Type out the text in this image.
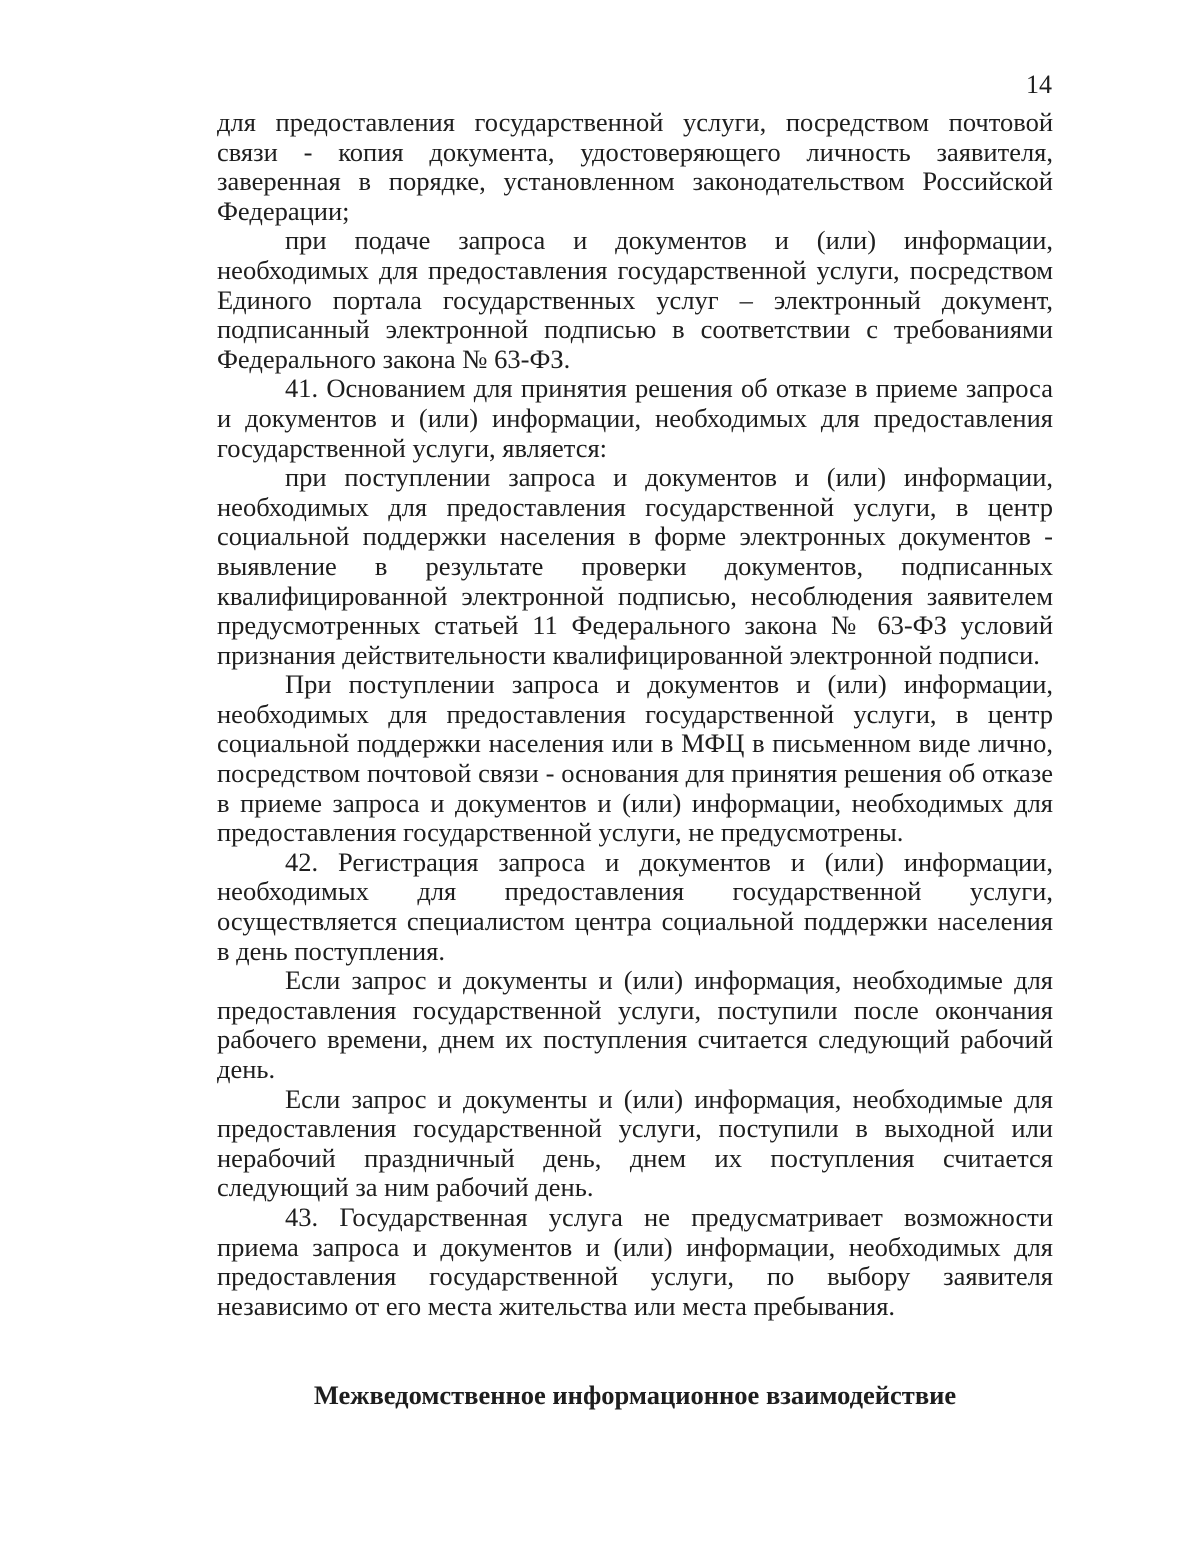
14

для предоставления государственной услуги, посредством почтовой связи - копия документа, удостоверяющего личность заявителя, заверенная в порядке, установленном законодательством Российской Федерации;

при подаче запроса и документов и (или) информации, необходимых для предоставления государственной услуги, посредством Единого портала государственных услуг – электронный документ, подписанный электронной подписью в соответствии с требованиями Федерального закона № 63-ФЗ.

41. Основанием для принятия решения об отказе в приеме запроса и документов и (или) информации, необходимых для предоставления государственной услуги, является:

при поступлении запроса и документов и (или) информации, необходимых для предоставления государственной услуги, в центр социальной поддержки населения в форме электронных документов - выявление в результате проверки документов, подписанных квалифицированной электронной подписью, несоблюдения заявителем предусмотренных статьей 11 Федерального закона № 63-ФЗ условий признания действительности квалифицированной электронной подписи.

При поступлении запроса и документов и (или) информации, необходимых для предоставления государственной услуги, в центр социальной поддержки населения или в МФЦ в письменном виде лично, посредством почтовой связи - основания для принятия решения об отказе в приеме запроса и документов и (или) информации, необходимых для предоставления государственной услуги, не предусмотрены.

42. Регистрация запроса и документов и (или) информации, необходимых для предоставления государственной услуги, осуществляется специалистом центра социальной поддержки населения в день поступления.

Если запрос и документы и (или) информация, необходимые для предоставления государственной услуги, поступили после окончания рабочего времени, днем их поступления считается следующий рабочий день.

Если запрос и документы и (или) информация, необходимые для предоставления государственной услуги, поступили в выходной или нерабочий праздничный день, днем их поступления считается следующий за ним рабочий день.

43. Государственная услуга не предусматривает возможности приема запроса и документов и (или) информации, необходимых для предоставления государственной услуги, по выбору заявителя независимо от его места жительства или места пребывания.

Межведомственное информационное взаимодействие
